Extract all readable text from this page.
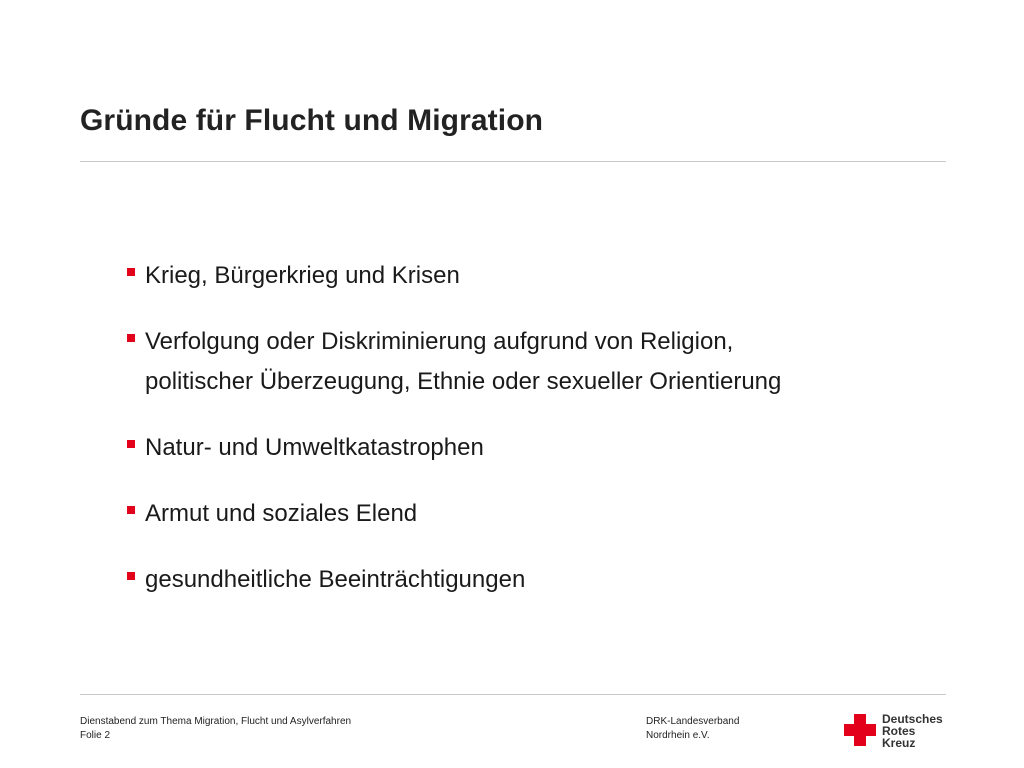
Gründe für Flucht und Migration
Krieg, Bürgerkrieg und Krisen
Verfolgung oder Diskriminierung aufgrund von Religion,
politischer Überzeugung, Ethnie oder sexueller Orientierung
Natur- und Umweltkatastrophen
Armut und soziales Elend
gesundheitliche Beeinträchtigungen
Dienstabend zum Thema Migration, Flucht und Asylverfahren
Folie 2
DRK-Landesverband
Nordrhein e.V.
Deutsches
Rotes
Kreuz
